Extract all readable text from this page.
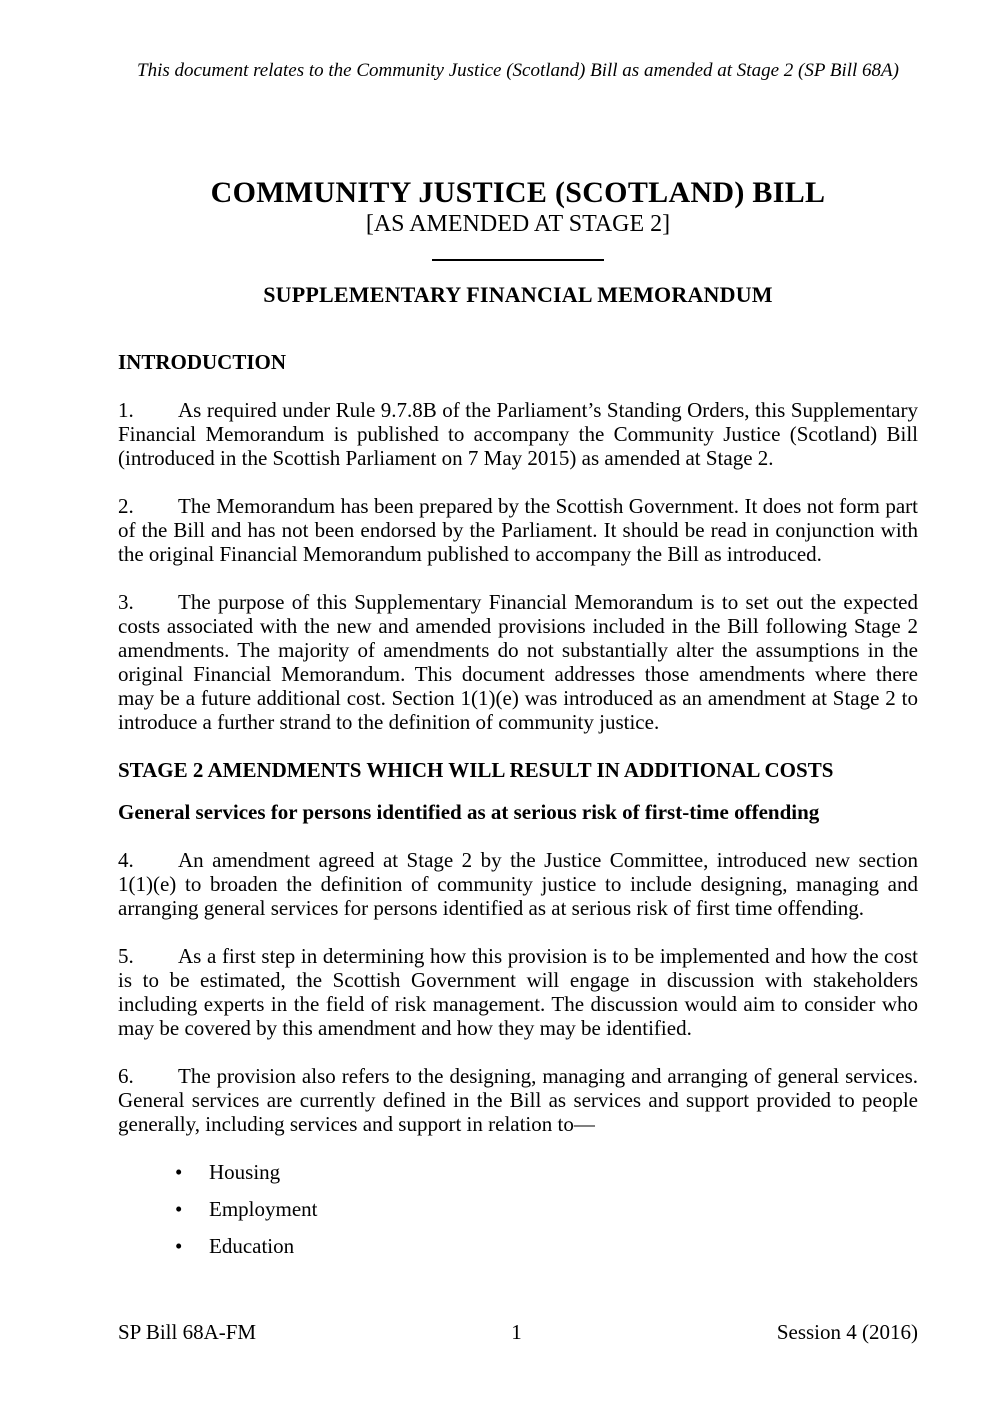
This document relates to the Community Justice (Scotland) Bill as amended at Stage 2 (SP Bill 68A)
COMMUNITY JUSTICE (SCOTLAND) BILL
[AS AMENDED AT STAGE 2]
SUPPLEMENTARY FINANCIAL MEMORANDUM
INTRODUCTION

1. As required under Rule 9.7.8B of the Parliament’s Standing Orders, this Supplementary Financial Memorandum is published to accompany the Community Justice (Scotland) Bill (introduced in the Scottish Parliament on 7 May 2015) as amended at Stage 2.

2. The Memorandum has been prepared by the Scottish Government. It does not form part of the Bill and has not been endorsed by the Parliament. It should be read in conjunction with the original Financial Memorandum published to accompany the Bill as introduced.

3. The purpose of this Supplementary Financial Memorandum is to set out the expected costs associated with the new and amended provisions included in the Bill following Stage 2 amendments. The majority of amendments do not substantially alter the assumptions in the original Financial Memorandum. This document addresses those amendments where there may be a future additional cost. Section 1(1)(e) was introduced as an amendment at Stage 2 to introduce a further strand to the definition of community justice.

STAGE 2 AMENDMENTS WHICH WILL RESULT IN ADDITIONAL COSTS
General services for persons identified as at serious risk of first-time offending

4. An amendment agreed at Stage 2 by the Justice Committee, introduced new section 1(1)(e) to broaden the definition of community justice to include designing, managing and arranging general services for persons identified as at serious risk of first time offending.

5. As a first step in determining how this provision is to be implemented and how the cost is to be estimated, the Scottish Government will engage in discussion with stakeholders including experts in the field of risk management. The discussion would aim to consider who may be covered by this amendment and how they may be identified.

6. The provision also refers to the designing, managing and arranging of general services. General services are currently defined in the Bill as services and support provided to people generally, including services and support in relation to—

• Housing
• Employment
• Education
SP Bill 68A-FM	1	Session 4 (2016)
